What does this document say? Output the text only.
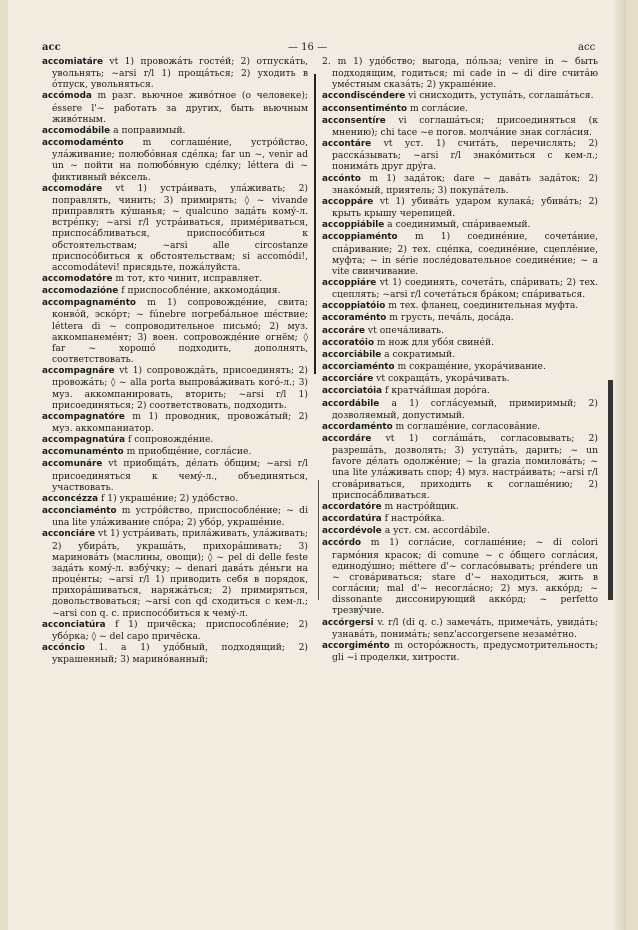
acc	— 16 —	acc

accomiatáre vt 1) провожáть гостéй; 2) отпускáть, увольнять; ~arsi r/l 1) прощáться; 2) уходить в óтпуск, увольнятьcя.

accómoda m разг. вьючное живóтное (о человеке); éssere l'~ работать за других, быть вьючным живóтным.

accomodábile a поправимый.

accomodaménto m соглашéние, устрóйство, улáживание; полюбóвная сдéлка; far un ~, venir ad un ~ пойти на полюбóвную сдéлку; léttera di ~ фиктивный вéксель.

accomodáre vt 1) устрáивать, улáживать; 2) поправлять, чинить; 3) примирять; ◊ ~ vivande приправлять кýшанья; ~ qualcuno задáть комý-л. встрéпку; ~arsi r/l устрáиваться, примéриваться, приспосáбливаться, приспосóбиться к обстоятельствам; ~arsi alle circostanze приспосóбиться к обстоятельствам; si accomódi!, accomodátevi! присядьте, пожáлуйста.

accomodatóre m тот, кто чинит, исправляет.

accomodazióne f приспособлéние, аккомодáция.

accompagnaménto m 1) сопровождéние, свита; конвóй, эскóрт; ~ fúnebre погребáльное шéствие; léttera di ~ сопроводительное письмó; 2) муз. аккомпанемéнт; 3) воен. сопровождéние огнём; ◊ far ~ хорошó подходить, дополнять, соответствовать.

accompagnáre vt 1) сопровождáть, присоединять; 2) провожáть; ◊ ~ alla porta выпровáживать когó-л.; 3) муз. аккомпанировать, вторить; ~arsi r/l 1) присоединяться; 2) соответствовать, подходить.

accompagnatóre m 1) проводник, провожáтый; 2) муз. аккомпаниатор.

accompagnatúra f сопровождéние.

accomunaménto m приобщéние, соглáсие.

accomunáre vt приобщáть, дéлать óбщим; ~arsi r/l присоединяться к чемý-л., объединяться, участвовать.

acconcézza f 1) украшéние; 2) удóбство.

acconciaménto m устрóйство, приспособлéние; ~ di una lite улáживание спóра; 2) убóр, украшéние.

acconciáre vt 1) устрáивать, прилáживать, улáживать; 2) убирáть, украшáть, прихорáшивать; 3) мариновáть (маслины, овощи); ◊ ~ pel di delle feste задáть комý-л. взбýчку; ~ denari давáть дéньги на процéнты; ~arsi r/l 1) приводить себя в порядок, прихорáшиваться, наряжáться; 2) примиряться, довольствоваться; ~arsi con qd сходиться с кем-л.; ~arsi con q. c. приспосóбиться к чемý-л.

acconciatúra f 1) причёска; приспособлéние; 2) убóрка; ◊ ~ del capo причёска.

accóncio 1. a 1) удóбный, подходящий; 2) украшенный; 3) маринóванный;

2. m 1) удóбство; выгода, пóльза; venire in ~ быть подходящим, годиться; mi cade in ~ di dire считáю умéстным сказáть; 2) украшéние.

accondiscéndere vi снисходить, уступáть, соглашáться.

acconsentiménto m соглáсие.

acconsentíre vi соглашáться; присоединяться (к мнению); chi tace ~e погов. молчáние знак соглáсия.

accontáre vt уст. 1) считáть, перечислять; 2) расскáзывать; ~arsi r/l знакóмиться с кем-л.; понимáть друг дрýга.

accónto m 1) задáток; dare ~ давáть задáток; 2) знакóмый, приятель; 3) покупáтель.

accoppáre vt 1) убивáть ударом кулакá; убивáть; 2) крыть крышу черепицей.

accoppiábile a соединимый, спáриваемый.

accoppiaménto m 1) соединéние, сочетáние, спáривание; 2) тех. сцéпка, соединéние, сцеплéние, муфта; ~ in série послéдовательное соединéние; ~ a vite свинчивание.

accoppiáre vt 1) соединять, сочетáть, спáривать; 2) тех. сцеплять; ~arsi r/l сочетáться брáком; спáриваться.

accoppiatóio m тех. фланец, соединительная муфта.

accoraménto m грусть, печáль, досáда.

accoráre vt опечáливать.

accoratóio m нож для убóя свинéй.

accorciábile a сократимый.

accorciaménto m сокращéние, укорáчивание.

accorciáre vt сокращáть, укорáчивать.

accorciatóia f кратчáйшая дорóга.

accordábile a 1) соглáсуемый, примиримый; 2) дозволяемый, допустимый.

accordaménto m соглашéние, согласовáние.

accordáre vt 1) соглáшáть, согласовывать; 2) разрешáть, дозволять; 3) уступáть, дарить; ~ un favore дéлать одолжéние; ~ la grazia помиловáть; ~ una lite улáживать спор; 4) муз. настрáивать; ~arsi r/l сговáриваться, приходить к соглашéнию; 2) приспосáбливаться.

accordatóre m настрóйщик.

accordatúra f настрóйка.

accordévole a уст. см. accordábile.

accórdo m 1) соглáсие, соглашéние; ~ di colori гармóния красок; di comune ~ с óбщего соглáсия, единодýшно; méttere d'~ согласóвывать; préndere un ~ сговáриваться; stare d'~ находиться, жить в соглáсии; mal d'~ несоглáсно; 2) муз. аккóрд; ~ dissonante диссонирующий аккóрд; ~ perfetto трезвýчие.

accórgersi v. r/l (di q. c.) замечáть, примечáть, увидáть; узнавáть, понимáть; senz'accorgersene незамéтно.

accorgiménto m осторóжность, предусмотрительность; gli ~i проделки, хитрости.
